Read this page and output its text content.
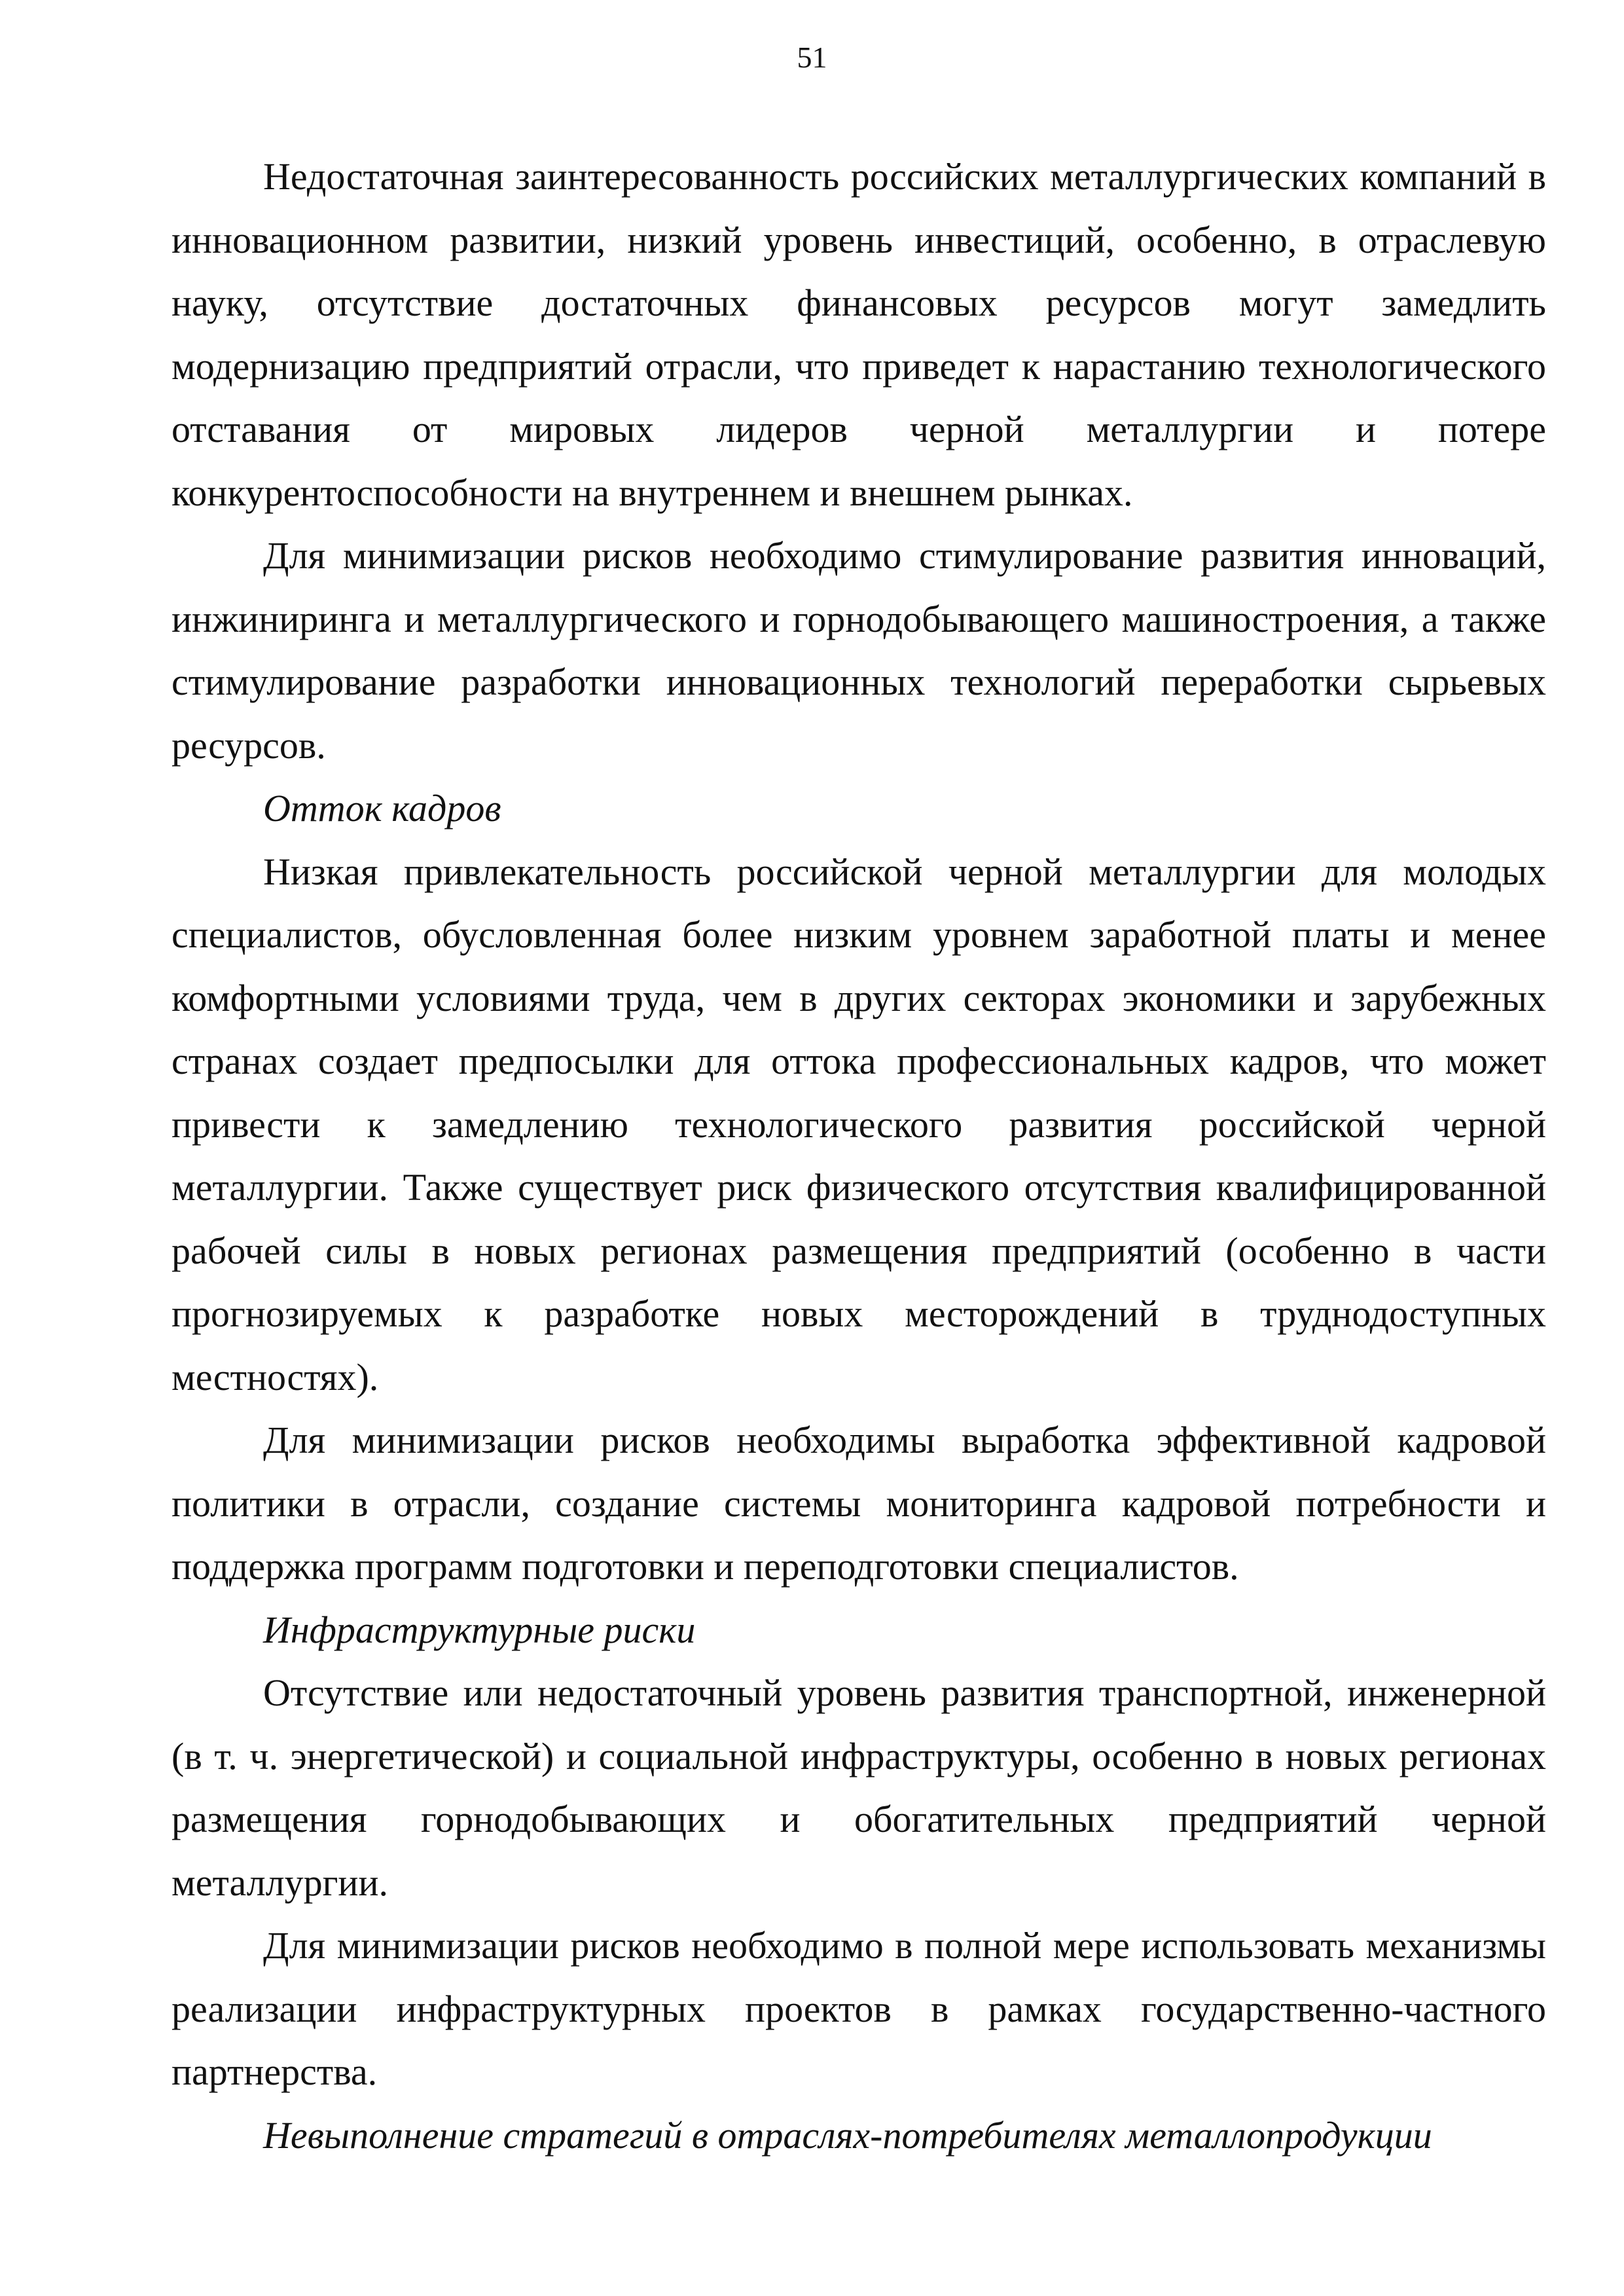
51

Недостаточная заинтересованность российских металлургических компаний в инновационном развитии, низкий уровень инвестиций, особенно, в отраслевую науку, отсутствие достаточных финансовых ресурсов могут замедлить модернизацию предприятий отрасли, что приведет к нарастанию технологического отставания от мировых лидеров черной металлургии и потере конкурентоспособности на внутреннем и внешнем рынках.

Для минимизации рисков необходимо стимулирование развития инноваций, инжиниринга и металлургического и горнодобывающего машиностроения, а также стимулирование разработки инновационных технологий переработки сырьевых ресурсов.

Отток кадров

Низкая привлекательность российской черной металлургии для молодых специалистов, обусловленная более низким уровнем заработной платы и менее комфортными условиями труда, чем в других секторах экономики и зарубежных странах создает предпосылки для оттока профессиональных кадров, что может привести к замедлению технологического развития российской черной металлургии. Также существует риск физического отсутствия квалифицированной рабочей силы в новых регионах размещения предприятий (особенно в части прогнозируемых к разработке новых месторождений в труднодоступных местностях).

Для минимизации рисков необходимы выработка эффективной кадровой политики в отрасли, создание системы мониторинга кадровой потребности и поддержка программ подготовки и переподготовки специалистов.

Инфраструктурные риски

Отсутствие или недостаточный уровень развития транспортной, инженерной (в т. ч. энергетической) и социальной инфраструктуры, особенно в новых регионах размещения горнодобывающих и обогатительных предприятий черной металлургии.

Для минимизации рисков необходимо в полной мере использовать механизмы реализации инфраструктурных проектов в рамках государственно-частного партнерства.

Невыполнение стратегий в отраслях-потребителях металлопродукции
